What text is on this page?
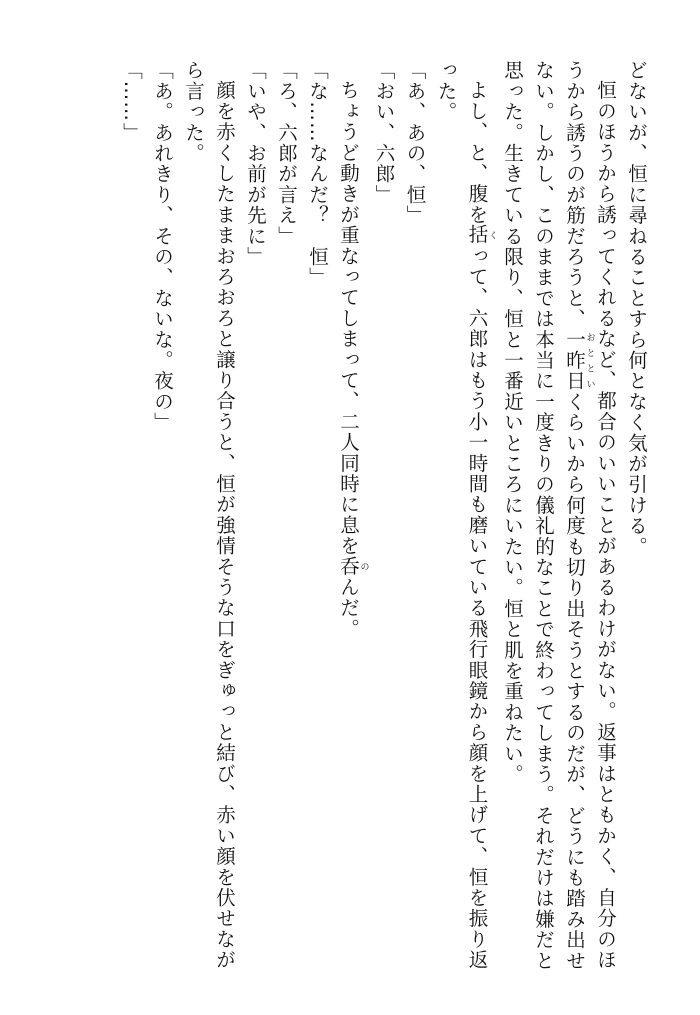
どないが、恒に尋ねることすら何となく気が引ける。

恒のほうから誘ってくれるなど、都合のいいことがあるわけがない。返事はともかく、自分のほうから誘うのが筋だろうと、一昨日おとといくらいから何度も切り出そうとするのだが、どうにも踏み出せない。しかし、このままでは本当に一度きりの儀礼的なことで終わってしまう。それだけは嫌だと思った。生きている限り、恒と一番近いところにいたい。恒と肌を重ねたい。

よし、と、腹を括くって、六郎はもう小一時間も磨いている飛行眼鏡から顔を上げて、恒を振り返った。

「あ、あの、恒」

「おい、六郎」

ちょうど動きが重なってしまって、二人同時に息を呑のんだ。

「な……なんだ？　恒」

「ろ、六郎が言え」

「いや、お前が先に」

顔を赤くしたままおろおろと譲り合うと、恒が強情そうな口をぎゅっと結び、赤い顔を伏せながら言った。

「あ。あれきり、その、ないな。夜の」

「……」
